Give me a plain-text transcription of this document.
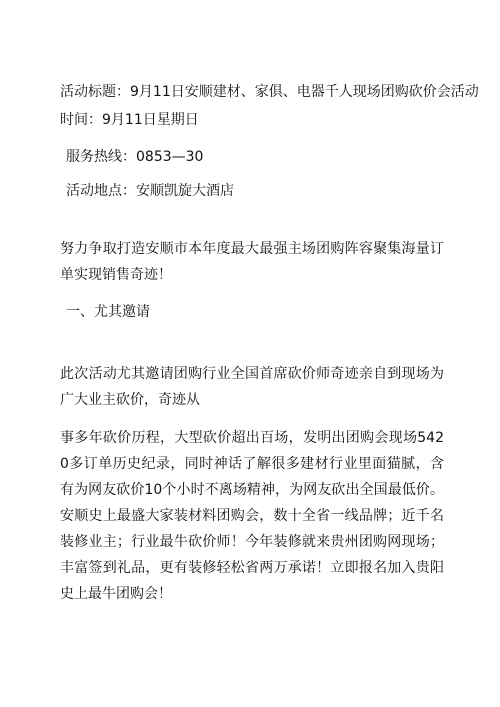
活动标题：9月11日安顺建材、家俱、电器千人现场团购砍价会活动
时间：9月11日星期日
服务热线：0853—30
活动地点：安顺凯旋大酒店
努力争取打造安顺市本年度最大最强主场团购阵容聚集海量订单实现销售奇迹！
一、尤其邀请
此次活动尤其邀请团购行业全国首席砍价师奇迹亲自到现场为广大业主砍价，奇迹从
事多年砍价历程，大型砍价超出百场，发明出团购会现场5420多订单历史纪录，同时神话了解很多建材行业里面猫腻，含有为网友砍价10个小时不离场精神，为网友砍出全国最低价。安顺史上最盛大家装材料团购会，数十全省一线品牌；近千名装修业主；行业最牛砍价师！今年装修就来贵州团购网现场；丰富签到礼品，更有装修轻松省两万承诺！立即报名加入贵阳史上最牛团购会！
